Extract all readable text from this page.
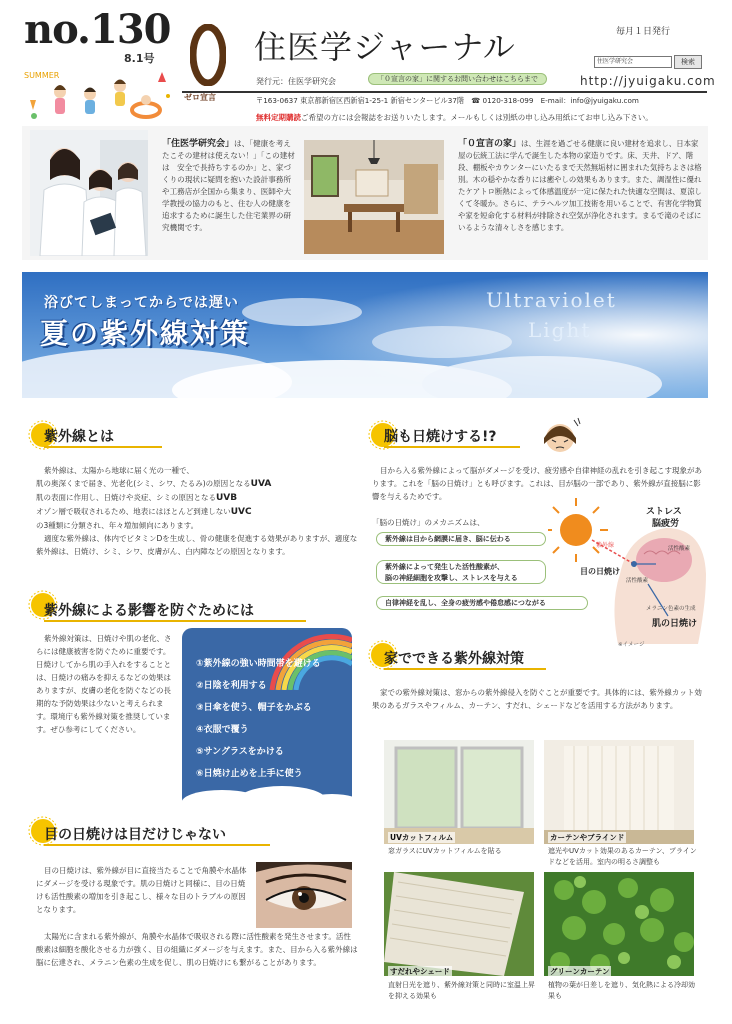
no.130
8.1号
SUMMER
ゼロ宣言
住医学ジャーナル	毎月１日発行
住医学研究会	検索
http://jyuigaku.com
発行元：住医学研究会	「０宣言の家」に関するお問い合わせはこちらまで
〒163-0637 東京都新宿区西新宿1-25-1 新宿センタービル37階　☎ 0120-318-099　E-mail：info@jyuigaku.com
無料定期購読ご希望の方には会報誌をお送りいたします。メールもしくは別紙の申し込み用紙にてお申し込み下さい。
「住医学研究会」は、「健康を考えたこその建材は使えない！」「この建材は　安全で長持ちするのか」と、家づくりの現状に疑問を抱いた設計事務所や工務店が全国から集まり、医師や大学教授の協力のもと、住む人の健康を追求するために誕生した住宅業界の研究機関です。
「０宣言の家」は、生涯を過ごせる健康に良い建材を追求し、日本家屋の伝統工法に学んで誕生した本物の家造りです。床、天井、ドア、階段、棚板やカウンターにいたるまで天然無垢材に囲まれた気持ちよさは格別。木の穏やかな香りには癒やしの効果もあります。また、調湿性に優れたケアトロ断熱によって体感温度が一定に保たれた快適な空間は、夏涼しくて冬暖か。さらに、テラヘルツ加工技術を用いることで、有害化学物質や家を短命化する材料が排除され空気が浄化されます。まるで滝のそばにいるような清々しさを感じます。
浴びてしまってからでは遅い
夏の紫外線対策
Ultraviolet
Light
紫外線とは
紫外線は、太陽から地球に届く光の一種で、
肌の奥深くまで届き、光老化(シミ、シワ、たるみ)の原因となるUVA
肌の表面に作用し、日焼けや炎症、シミの原因となるUVB
オゾン層で吸収されるため、地表にはほとんど到達しないUVC
の3種類に分類され、年々増加傾向にあります。
適度な紫外線は、体内でビタミンDを生成し、骨の健康を促進する効果がありますが、適度な紫外線は、日焼け、シミ、シワ、皮膚がん、白内障などの原因となります。
紫外線による影響を防ぐためには
紫外線対策は、日焼けや肌の老化、さらには健康被害を防ぐために重要です。日焼けしてから肌の手入れをすることとは、日焼けの痛みを抑えるなどの効果はありますが、皮膚の老化を防ぐなどの長期的な予防効果は少ないと考えられます。環境庁も紫外線対策を推奨しています。ぜひ参考にしてください。
①紫外線の強い時間帯を避ける
②日陰を利用する
③日傘を使う、帽子をかぶる
④衣服で覆う
⑤サングラスをかける
⑥日焼け止めを上手に使う
目の日焼けは目だけじゃない
目の日焼けは、紫外線が目に直接当たることで角膜や水晶体にダメージを受ける現象です。肌の日焼けと同様に、目の日焼けも活性酸素の増加を引き起こし、様々な目のトラブルの原因となります。
太陽光に含まれる紫外線が、角膜や水晶体で吸収される際に活性酸素を発生させます。活性酸素は細胞を酸化させる力が強く、目の組織にダメージを与えます。また、目から入る紫外線は脳に伝達され、メラニン色素の生成を促し、肌の日焼けにも繋がることがあります。
脳も日焼けする!?
目から入る紫外線によって脳がダメージを受け、疲労感や自律神経の乱れを引き起こす現象があります。これを「脳の日焼け」とも呼びます。これは、目が脳の一部であり、紫外線が直接脳に影響を与えるためです。
「脳の日焼け」のメカニズムは、
紫外線は目から網膜に届き、脳に伝わる
紫外線によって発生した活性酸素が、
脳の神経細胞を攻撃し、ストレスを与える
自律神経を乱し、全身の疲労感や倦怠感につながる
ストレス
脳疲労
紫外線	活性酸素
目の日焼け
活性酸素
メラニン色素の生成
肌の日焼け
※イメージ
家でできる紫外線対策
家での紫外線対策は、窓からの紫外線侵入を防ぐことが重要です。具体的には、紫外線カット効果のあるガラスやフィルム、カーテン、すだれ、シェードなどを活用する方法があります。
UVカットフィルム
窓ガラスにUVカットフィルムを貼る
カーテンやブラインド
遮光やUVカット効果のあるカーテン、ブラインドなどを活用。室内の明るさ調整も
すだれやシェード
直射日光を遮り、紫外線対策と同時に室温上昇を抑える効果も
グリーンカーテン
植物の葉が日差しを遮り、気化熱による冷却効果も
